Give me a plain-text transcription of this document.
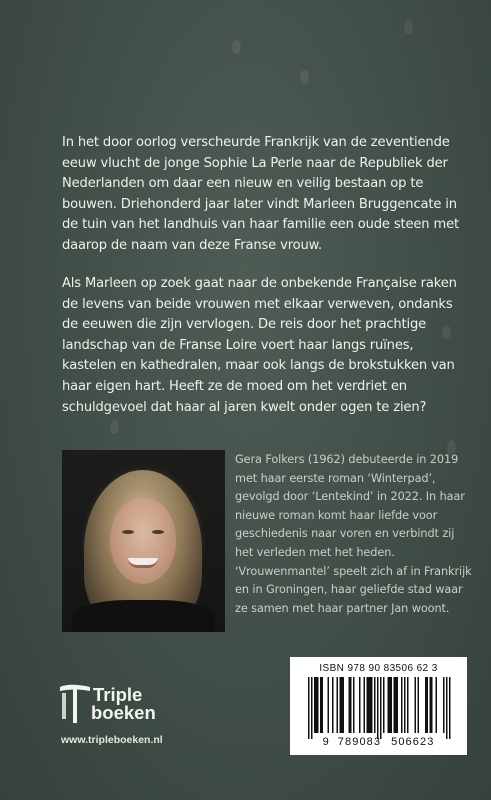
In het door oorlog verscheurde Frankrijk van de zeventiende eeuw vlucht de jonge Sophie La Perle naar de Republiek der Nederlanden om daar een nieuw en veilig bestaan op te bouwen. Driehonderd jaar later vindt Marleen Bruggencate in de tuin van het landhuis van haar familie een oude steen met daarop de naam van deze Franse vrouw.

Als Marleen op zoek gaat naar de onbekende Française raken de levens van beide vrouwen met elkaar verweven, ondanks de eeuwen die zijn vervlogen. De reis door het prachtige landschap van de Franse Loire voert haar langs ruïnes, kastelen en kathedralen, maar ook langs de brokstukken van haar eigen hart. Heeft ze de moed om het verdriet en schuldgevoel dat haar al jaren kwelt onder ogen te zien?

Gera Folkers (1962) debuteerde in 2019 met haar eerste roman ‘Winterpad’, gevolgd door ‘Lentekind’ in 2022. In haar nieuwe roman komt haar liefde voor geschiedenis naar voren en verbindt zij het verleden met het heden. ‘Vrouwenmantel’ speelt zich af in Frankrijk en in Groningen, haar geliefde stad waar ze samen met haar partner Jan woont.

Triple
boeken
www.tripleboeken.nl
ISBN 978 90 83506 62 3
9 789083 506623
